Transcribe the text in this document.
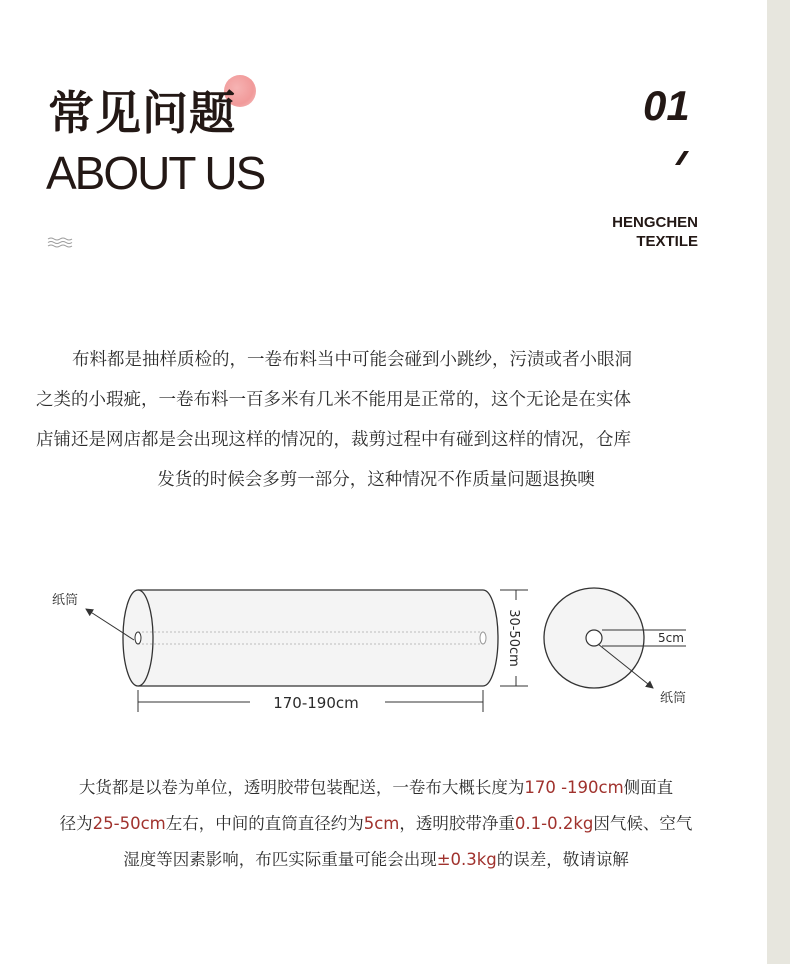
常见问题
ABOUT US
01
HENGCHEN
TEXTILE

布料都是抽样质检的，一卷布料当中可能会碰到小跳纱，污渍或者小眼洞
之类的小瑕疵，一卷布料一百多米有几米不能用是正常的，这个无论是在实体
店铺还是网店都是会出现这样的情况的，裁剪过程中有碰到这样的情况，仓库
发货的时候会多剪一部分，这种情况不作质量问题退换噢

纸筒
170-190cm
30-50cm	5cm
纸筒

大货都是以卷为单位，透明胶带包装配送，一卷布大概长度为170 -190cm侧面直
径为25-50cm左右，中间的直筒直径约为5cm，透明胶带净重0.1-0.2kg因气候、空气
湿度等因素影响，布匹实际重量可能会出现±0.3kg的误差，敬请谅解
